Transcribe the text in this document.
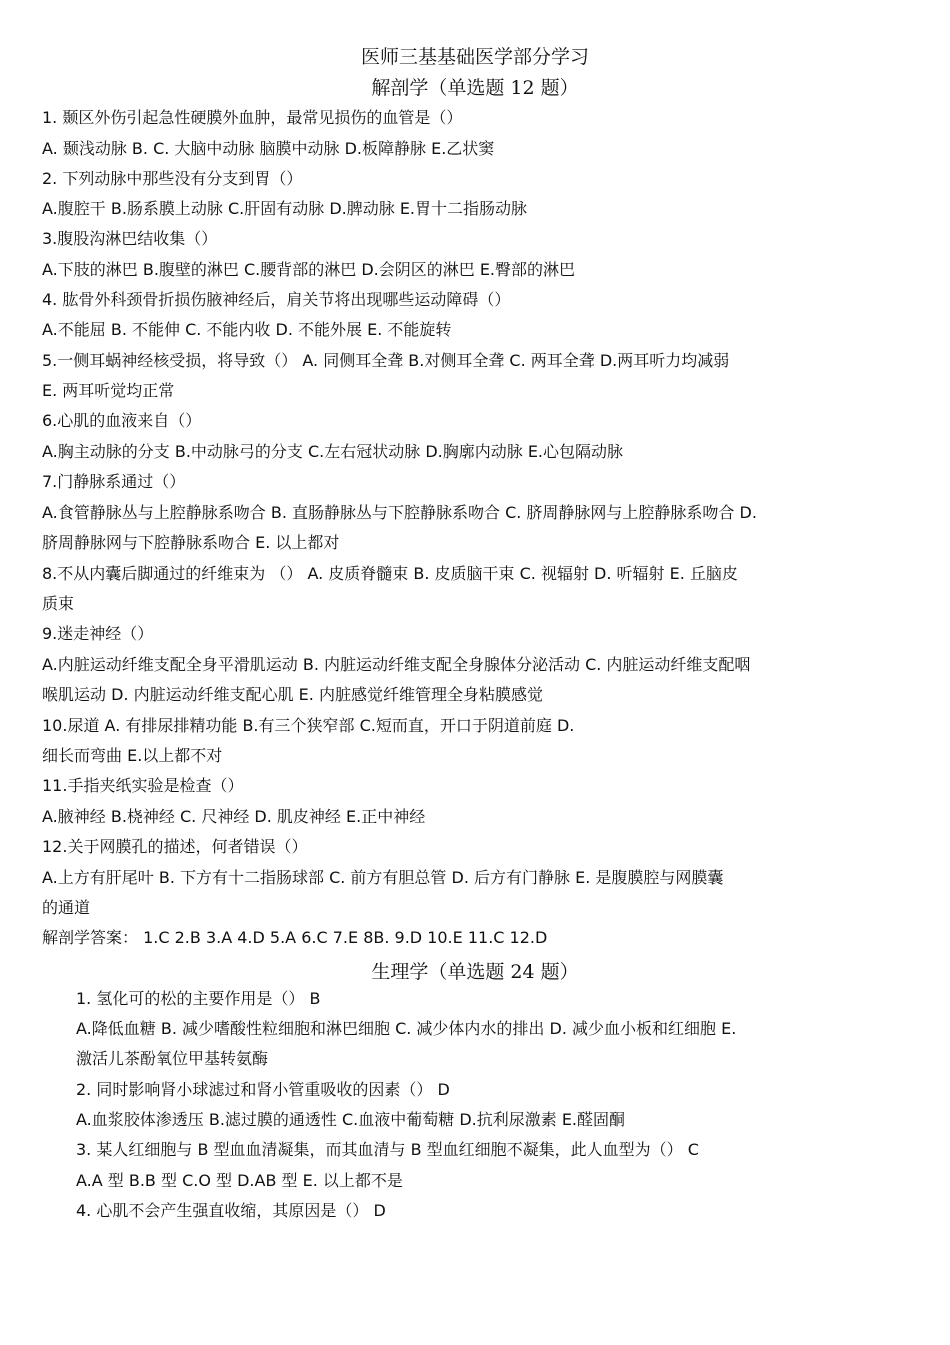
医师三基基础医学部分学习
解剖学（单选题 12 题）
1. 颞区外伤引起急性硬膜外血肿，最常见损伤的血管是（）
A. 颞浅动脉 B. C. 大脑中动脉 脑膜中动脉 D.板障静脉 E.乙状窦
2. 下列动脉中那些没有分支到胃（）
A.腹腔干 B.肠系膜上动脉 C.肝固有动脉 D.脾动脉 E.胃十二指肠动脉
3.腹股沟淋巴结收集（）
A.下肢的淋巴 B.腹壁的淋巴 C.腰背部的淋巴 D.会阴区的淋巴 E.臀部的淋巴
4. 肱骨外科颈骨折损伤腋神经后，肩关节将出现哪些运动障碍（）
A.不能屈 B. 不能伸 C. 不能内收 D. 不能外展 E. 不能旋转
5.一侧耳蜗神经核受损，将导致（） A. 同侧耳全聋 B.对侧耳全聋 C. 两耳全聋 D.两耳听力均减弱
E. 两耳听觉均正常
6.心肌的血液来自（）
A.胸主动脉的分支 B.中动脉弓的分支 C.左右冠状动脉 D.胸廓内动脉 E.心包隔动脉
7.门静脉系通过（）
A.食管静脉丛与上腔静脉系吻合 B. 直肠静脉丛与下腔静脉系吻合 C. 脐周静脉网与上腔静脉系吻合 D.
脐周静脉网与下腔静脉系吻合 E. 以上都对
8.不从内囊后脚通过的纤维束为 （） A. 皮质脊髓束 B. 皮质脑干束 C. 视辐射 D. 听辐射 E. 丘脑皮
质束
9.迷走神经（）
A.内脏运动纤维支配全身平滑肌运动 B. 内脏运动纤维支配全身腺体分泌活动 C. 内脏运动纤维支配咽
喉肌运动 D. 内脏运动纤维支配心肌 E. 内脏感觉纤维管理全身粘膜感觉
10.尿道 A. 有排尿排精功能 B.有三个狭窄部 C.短而直，开口于阴道前庭 D.
细长而弯曲 E.以上都不对
11.手指夹纸实验是检查（）
A.腋神经 B.桡神经 C. 尺神经 D. 肌皮神经 E.正中神经
12.关于网膜孔的描述，何者错误（）
A.上方有肝尾叶 B. 下方有十二指肠球部 C. 前方有胆总管 D. 后方有门静脉 E. 是腹膜腔与网膜囊
的通道
解剖学答案： 1.C 2.B 3.A 4.D 5.A 6.C 7.E 8B. 9.D 10.E 11.C 12.D
生理学（单选题 24 题）
1. 氢化可的松的主要作用是（） B
A.降低血糖 B. 减少嗜酸性粒细胞和淋巴细胞 C. 减少体内水的排出 D. 减少血小板和红细胞 E.
激活儿茶酚氧位甲基转氨酶
2. 同时影响肾小球滤过和肾小管重吸收的因素（） D
A.血浆胶体渗透压 B.滤过膜的通透性 C.血液中葡萄糖 D.抗利尿激素 E.醛固酮
3. 某人红细胞与 B 型血血清凝集，而其血清与 B 型血红细胞不凝集，此人血型为（） C
A.A 型 B.B 型 C.O 型 D.AB 型 E. 以上都不是
4. 心肌不会产生强直收缩，其原因是（） D
